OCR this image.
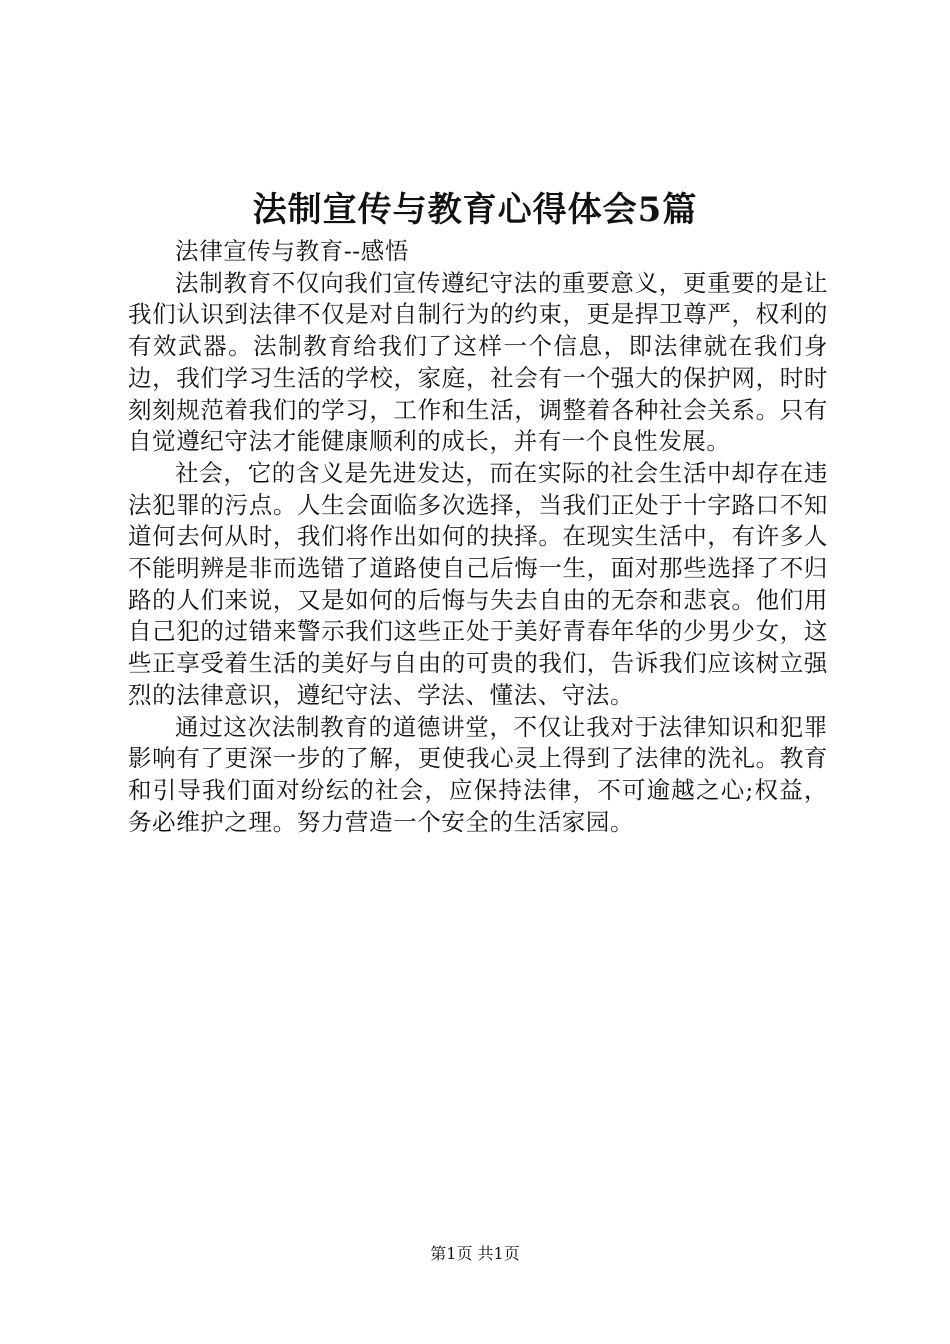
法制宣传与教育心得体会5篇

法律宣传与教育--感悟

法制教育不仅向我们宣传遵纪守法的重要意义，更重要的是让我们认识到法律不仅是对自制行为的约束，更是捍卫尊严，权利的有效武器。法制教育给我们了这样一个信息，即法律就在我们身边，我们学习生活的学校，家庭，社会有一个强大的保护网，时时刻刻规范着我们的学习，工作和生活，调整着各种社会关系。只有自觉遵纪守法才能健康顺利的成长，并有一个良性发展。

社会，它的含义是先进发达，而在实际的社会生活中却存在违法犯罪的污点。人生会面临多次选择，当我们正处于十字路口不知道何去何从时，我们将作出如何的抉择。在现实生活中，有许多人不能明辨是非而选错了道路使自己后悔一生，面对那些选择了不归路的人们来说，又是如何的后悔与失去自由的无奈和悲哀。他们用自己犯的过错来警示我们这些正处于美好青春年华的少男少女，这些正享受着生活的美好与自由的可贵的我们，告诉我们应该树立强烈的法律意识，遵纪守法、学法、懂法、守法。

通过这次法制教育的道德讲堂，不仅让我对于法律知识和犯罪影响有了更深一步的了解，更使我心灵上得到了法律的洗礼。教育和引导我们面对纷纭的社会，应保持法律，不可逾越之心;权益，务必维护之理。努力营造一个安全的生活家园。

第1页 共1页
